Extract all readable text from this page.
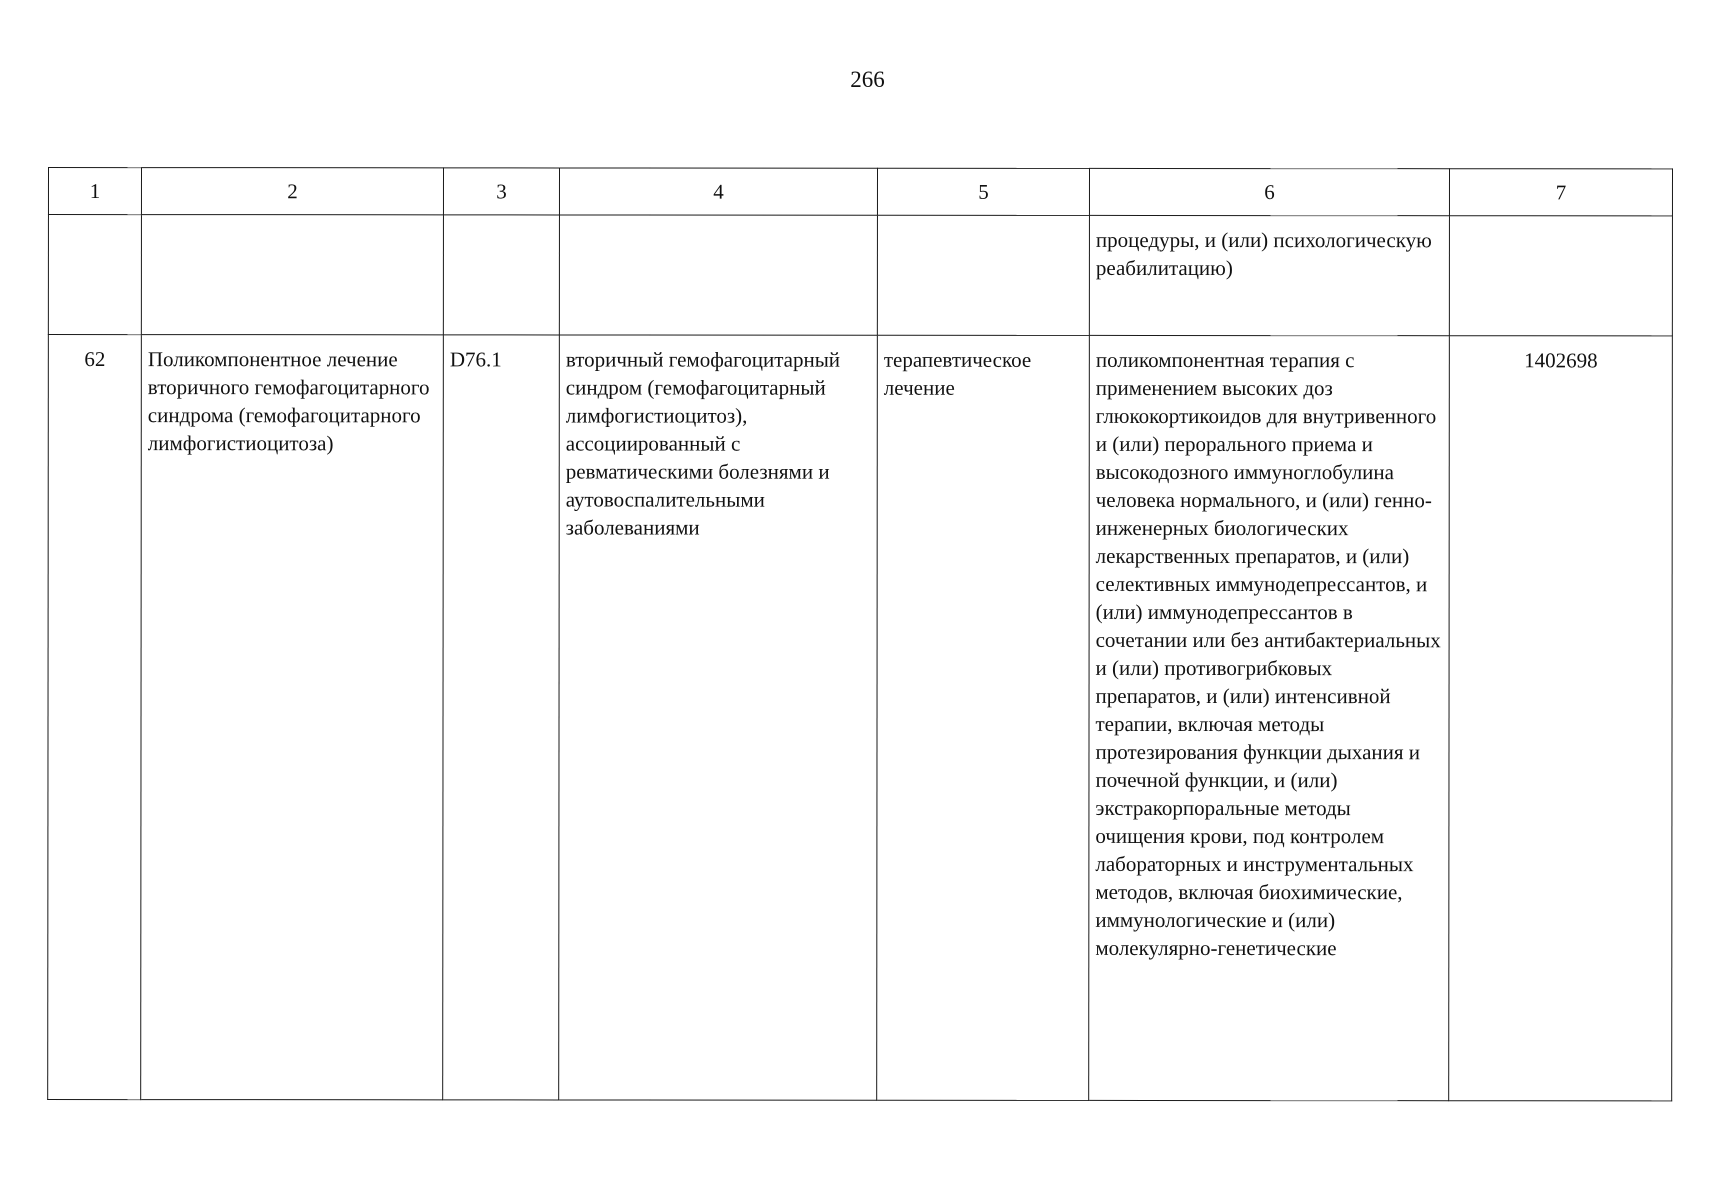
266
1	2	3	4	5	6	7
					процедуры, и (или) психологическую реабилитацию)	
62	Поликомпонентное лечение вторичного гемофагоцитарного синдрома (гемофагоцитарного лимфогистиоцитоза)	D76.1	вторичный гемофагоцитарный синдром (гемофагоцитарный лимфогистиоцитоз), ассоциированный с ревматическими болезнями и аутовоспалительными заболеваниями	терапевтическое лечение	поликомпонентная терапия с применением высоких доз глюкокортикоидов для внутривенного и (или) перорального приема и высокодозного иммуноглобулина человека нормального, и (или) генно-инженерных биологических лекарственных препаратов, и (или) селективных иммунодепрессантов, и (или) иммунодепрессантов в сочетании или без антибактериальных и (или) противогрибковых препаратов, и (или) интенсивной терапии, включая методы протезирования функции дыхания и почечной функции, и (или) экстракорпоральные методы очищения крови, под контролем лабораторных и инструментальных методов, включая биохимические, иммунологические и (или) молекулярно-генетические	1402698
